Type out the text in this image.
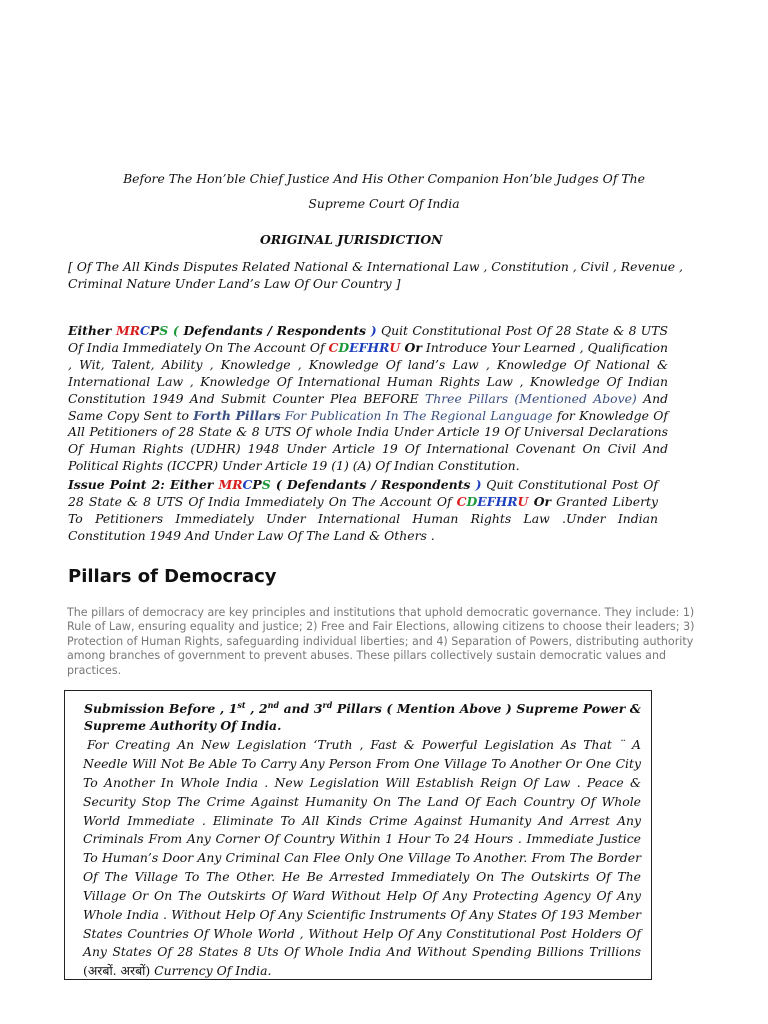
Before The Hon’ble Chief Justice And His Other Companion Hon’ble Judges Of The
Supreme Court Of India
ORIGINAL JURISDICTION
[ Of The All Kinds Disputes Related National & International Law , Constitution , Civil , Revenue , Criminal Nature Under Land’s Law Of Our Country ]
Either MRCPS ( Defendants / Respondents ) Quit Constitutional Post Of 28 State & 8 UTS Of India Immediately On The Account Of CDEFHRU Or Introduce Your Learned , Qualification , Wit, Talent, Ability , Knowledge , Knowledge Of land’s Law , Knowledge Of National & International Law , Knowledge Of International Human Rights Law , Knowledge Of Indian Constitution 1949 And Submit Counter Plea BEFORE Three Pillars (Mentioned Above) And Same Copy Sent to Forth Pillars For Publication In The Regional Language for Knowledge Of All Petitioners of 28 State & 8 UTS Of whole India Under Article 19 Of Universal Declarations Of Human Rights (UDHR) 1948 Under Article 19 Of International Covenant On Civil And Political Rights (ICCPR) Under Article 19 (1) (A) Of Indian Constitution.
Issue Point 2: Either MRCPS ( Defendants / Respondents ) Quit Constitutional Post Of 28 State & 8 UTS Of India Immediately On The Account Of CDEFHRU Or Granted Liberty To Petitioners Immediately Under International Human Rights Law .Under Indian Constitution 1949 And Under Law Of The Land & Others .
Pillars of Democracy
The pillars of democracy are key principles and institutions that uphold democratic governance. They include: 1) Rule of Law, ensuring equality and justice; 2) Free and Fair Elections, allowing citizens to choose their leaders; 3) Protection of Human Rights, safeguarding individual liberties; and 4) Separation of Powers, distributing authority among branches of government to prevent abuses. These pillars collectively sustain democratic values and practices.
Submission Before , 1st , 2nd and 3rd Pillars ( Mention Above ) Supreme Power & Supreme Authority Of India.
For Creating An New Legislation ‘Truth , Fast & Powerful Legislation As That ¨ A Needle Will Not Be Able To Carry Any Person From One Village To Another Or One City To Another In Whole India . New Legislation Will Establish Reign Of Law . Peace & Security Stop The Crime Against Humanity On The Land Of Each Country Of Whole World Immediate . Eliminate To All Kinds Crime Against Humanity And Arrest Any Criminals From Any Corner Of Country Within 1 Hour To 24 Hours . Immediate Justice To Human’s Door Any Criminal Can Flee Only One Village To Another. From The Border Of The Village To The Other. He Be Arrested Immediately On The Outskirts Of The Village Or On The Outskirts Of Ward Without Help Of Any Protecting Agency Of Any Whole India . Without Help Of Any Scientific Instruments Of Any States Of 193 Member States Countries Of Whole World , Without Help Of Any Constitutional Post Holders Of Any States Of 28 States 8 Uts Of Whole India And Without Spending Billions Trillions (अरबों. अरबों) Currency Of India.
